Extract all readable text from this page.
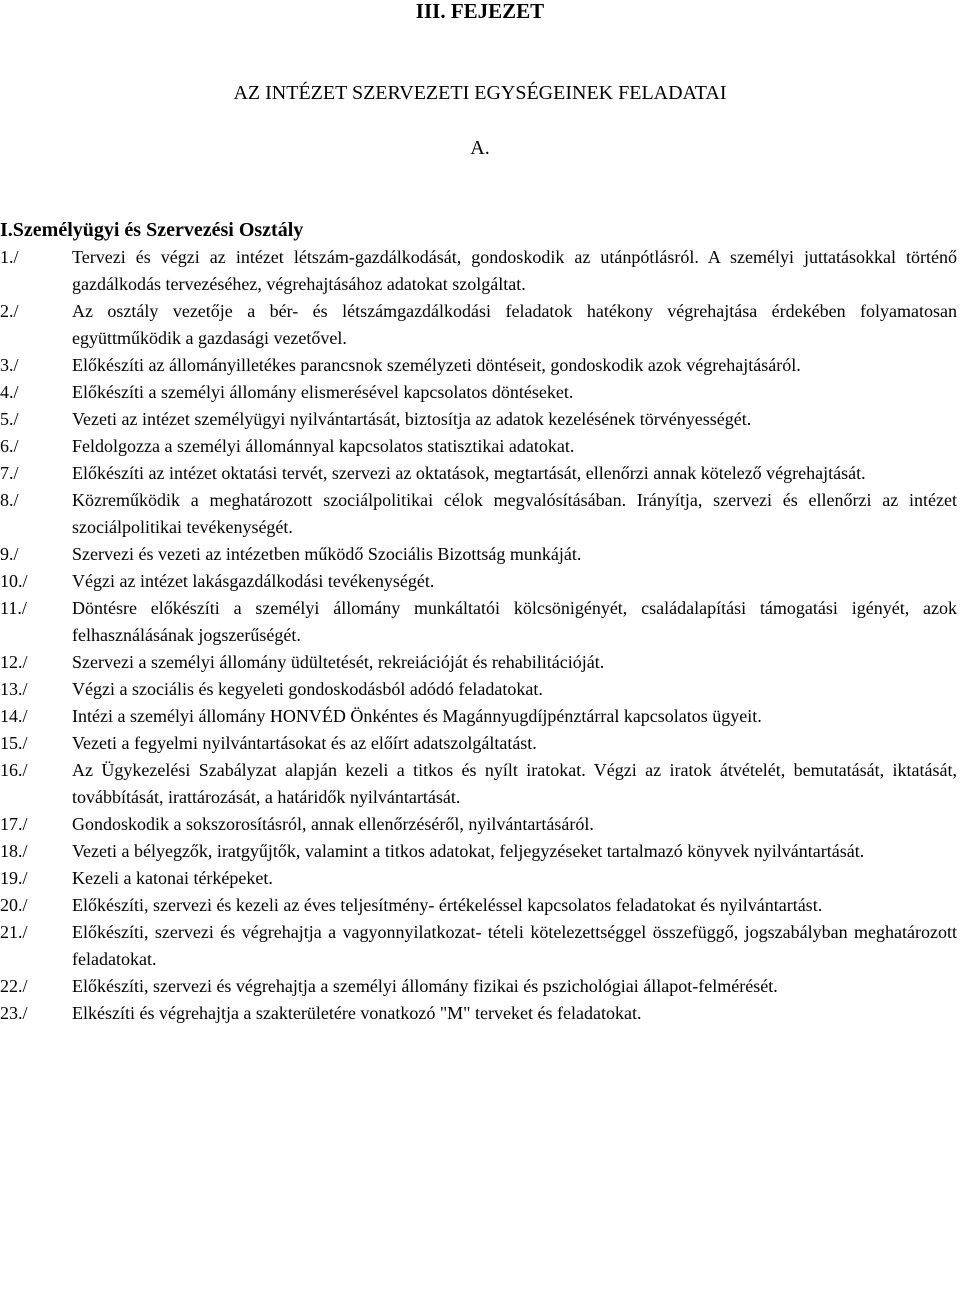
III. FEJEZET
AZ INTÉZET SZERVEZETI EGYSÉGEINEK FELADATAI
A.
I.Személyügyi és Szervezési Osztály
1./	Tervezi és végzi az intézet létszám-gazdálkodását, gondoskodik az utánpótlásról. A személyi juttatásokkal történő gazdálkodás tervezéséhez, végrehajtásához adatokat szolgáltat.
2./	Az osztály vezetője a bér- és létszámgazdálkodási feladatok hatékony végrehajtása érdekében folyamatosan együttműködik a gazdasági vezetővel.
3./	Előkészíti az állományilletékes parancsnok személyzeti döntéseit, gondoskodik azok végrehajtásáról.
4./	Előkészíti a személyi állomány elismerésével kapcsolatos döntéseket.
5./	Vezeti az intézet személyügyi nyilvántartását, biztosítja az adatok kezelésének törvényességét.
6./	Feldolgozza a személyi állománnyal kapcsolatos statisztikai adatokat.
7./	Előkészíti az intézet oktatási tervét, szervezi az oktatások, megtartását, ellenőrzi annak kötelező végrehajtását.
8./	Közreműködik a meghatározott szociálpolitikai célok megvalósításában. Irányítja, szervezi és ellenőrzi az intézet szociálpolitikai tevékenységét.
9./	Szervezi és vezeti az intézetben működő Szociális Bizottság munkáját.
10./	Végzi az intézet lakásgazdálkodási tevékenységét.
11./	Döntésre előkészíti a személyi állomány munkáltatói kölcsönigényét, családalapítási támogatási igényét, azok felhasználásának jogszerűségét.
12./	Szervezi a személyi állomány üdültetését, rekreiációját és rehabilitációját.
13./	Végzi a szociális és kegyeleti gondoskodásból adódó feladatokat.
14./	Intézi a személyi állomány HONVÉD Önkéntes és Magánnyugdíjpénztárral kapcsolatos ügyeit.
15./	Vezeti a fegyelmi nyilvántartásokat és az előírt adatszolgáltatást.
16./	Az Ügykezelési Szabályzat alapján kezeli a titkos és nyílt iratokat. Végzi az iratok átvételét, bemutatását, iktatását, továbbítását, irattározását, a határidők nyilvántartását.
17./	Gondoskodik a sokszorosításról, annak ellenőrzéséről, nyilvántartásáról.
18./	Vezeti a bélyegzők, iratgyűjtők, valamint a titkos adatokat, feljegyzéseket tartalmazó könyvek nyilvántartását.
19./	Kezeli a katonai térképeket.
20./	Előkészíti, szervezi és kezeli az éves teljesítmény- értékeléssel kapcsolatos feladatokat és nyilvántartást.
21./	Előkészíti, szervezi és végrehajtja a vagyonnyilatkozat- tételi kötelezettséggel összefüggő, jogszabályban meghatározott feladatokat.
22./	Előkészíti, szervezi és végrehajtja a személyi állomány fizikai és pszichológiai állapot-felmérését.
23./	Elkészíti és végrehajtja a szakterületére vonatkozó "M" terveket és feladatokat.
